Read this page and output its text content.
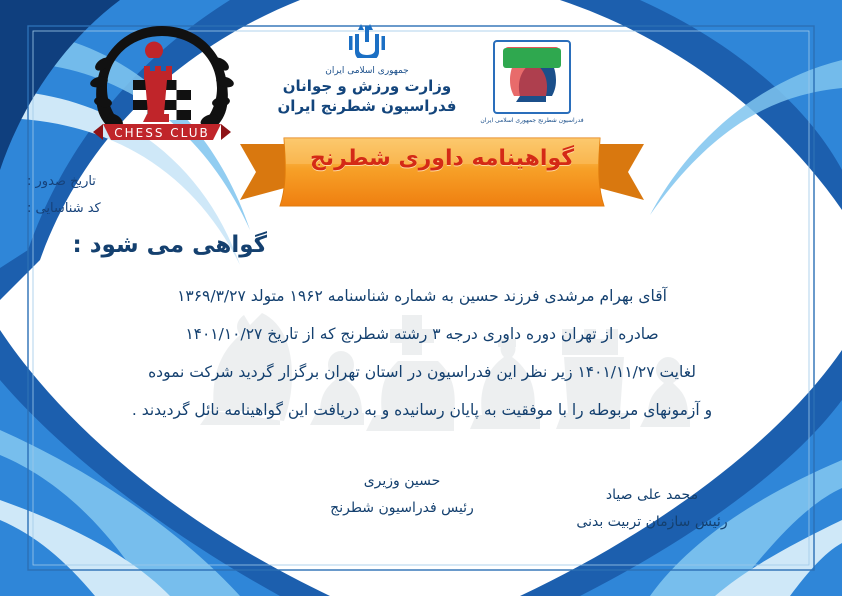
فدراسیون شطرنج جمهوری اسلامی ایران
جمهوری اسلامی ایران
وزارت ورزش و جوانان
فدراسیون شطرنج ایران
CHESS CLUB
گواهینامه داوری شطرنج
تاریخ صدور :
کد شناسایی :
گواهی می شود :
آقای بهرام مرشدی فرزند حسین به شماره شناسنامه ۱۹۶۲ متولد ۱۳۶۹/۳/۲۷
صادره از تهران دوره داوری درجه ۳ رشته شطرنج که از تاریخ ۱۴۰۱/۱۰/۲۷
لغایت ۱۴۰۱/۱۱/۲۷ زیر نظر این فدراسیون در استان تهران برگزار گردید شرکت نموده
و آزمونهای مربوطه را با موفقیت به پایان رسانیده و به دریافت این گواهینامه نائل گردیدند .
حسین وزیری
رئیس فدراسیون شطرنج
محمد علی صیاد
رئیس سازمان تربیت بدنی
